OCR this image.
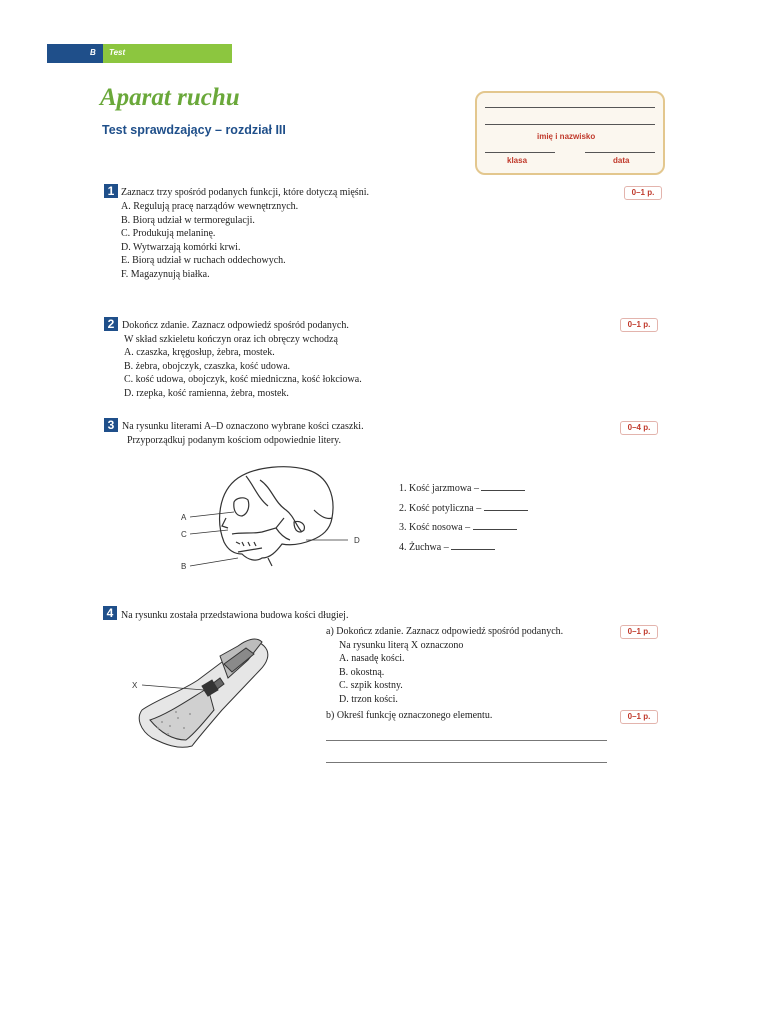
B Test
Aparat ruchu
Test sprawdzający – rozdział III	imię i nazwisko
klasa	data
1 Zaznacz trzy spośród podanych funkcji, które dotyczą mięśni.	0–1 p.
A. Regulują pracę narządów wewnętrznych.
B. Biorą udział w termoregulacji.
C. Produkują melaninę.
D. Wytwarzają komórki krwi.
E. Biorą udział w ruchach oddechowych.
F. Magazynują białka.
2 Dokończ zdanie. Zaznacz odpowiedź spośród podanych.	0–1 p.
W skład szkieletu kończyn oraz ich obręczy wchodzą
A. czaszka, kręgosłup, żebra, mostek.
B. żebra, obojczyk, czaszka, kość udowa.
C. kość udowa, obojczyk, kość miedniczna, kość łokciowa.
D. rzepka, kość ramienna, żebra, mostek.
3 Na rysunku literami A–D oznaczono wybrane kości czaszki.
Przyporządkuj podanym kościom odpowiednie litery.
0–4 p.
A
B
C
D
1. Kość jarzmowa –
2. Kość potyliczna –
3. Kość nosowa –
4. Żuchwa –
4 Na rysunku została przedstawiona budowa kości długiej.
X
a) Dokończ zdanie. Zaznacz odpowiedź spośród podanych.	0–1 p.
Na rysunku literą X oznaczono
A. nasadę kości.
B. okostną.
C. szpik kostny.
D. trzon kości.
b) Określ funkcję oznaczonego elementu.	0–1 p.
